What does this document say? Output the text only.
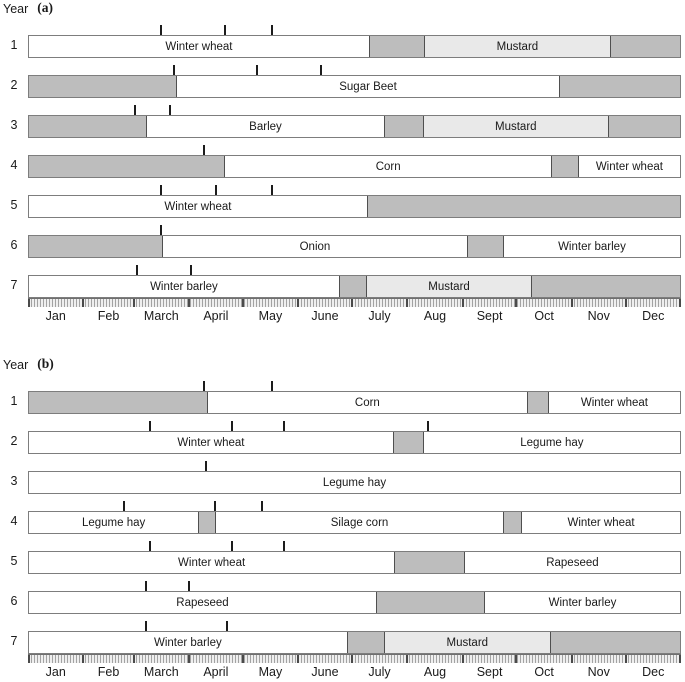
Year (a)
1	Winter wheat	Mustard
2	Sugar Beet
3	Barley	Mustard
4	Corn	Winter wheat
5	Winter wheat
6	Onion	Winter barley
7	Winter barley	Mustard
Jan	Feb March April May June July	Aug Sept	Oct	Nov	Dec
Year (b)
1	Corn	Winter wheat
2	Winter wheat	Legume hay
3	Legume hay
4	Legume hay	Silage corn	Winter wheat
5	Winter wheat	Rapeseed
6	Rapeseed	Winter barley
7	Winter barley	Mustard
Jan	Feb March April May June July	Aug Sept	Oct	Nov	Dec
